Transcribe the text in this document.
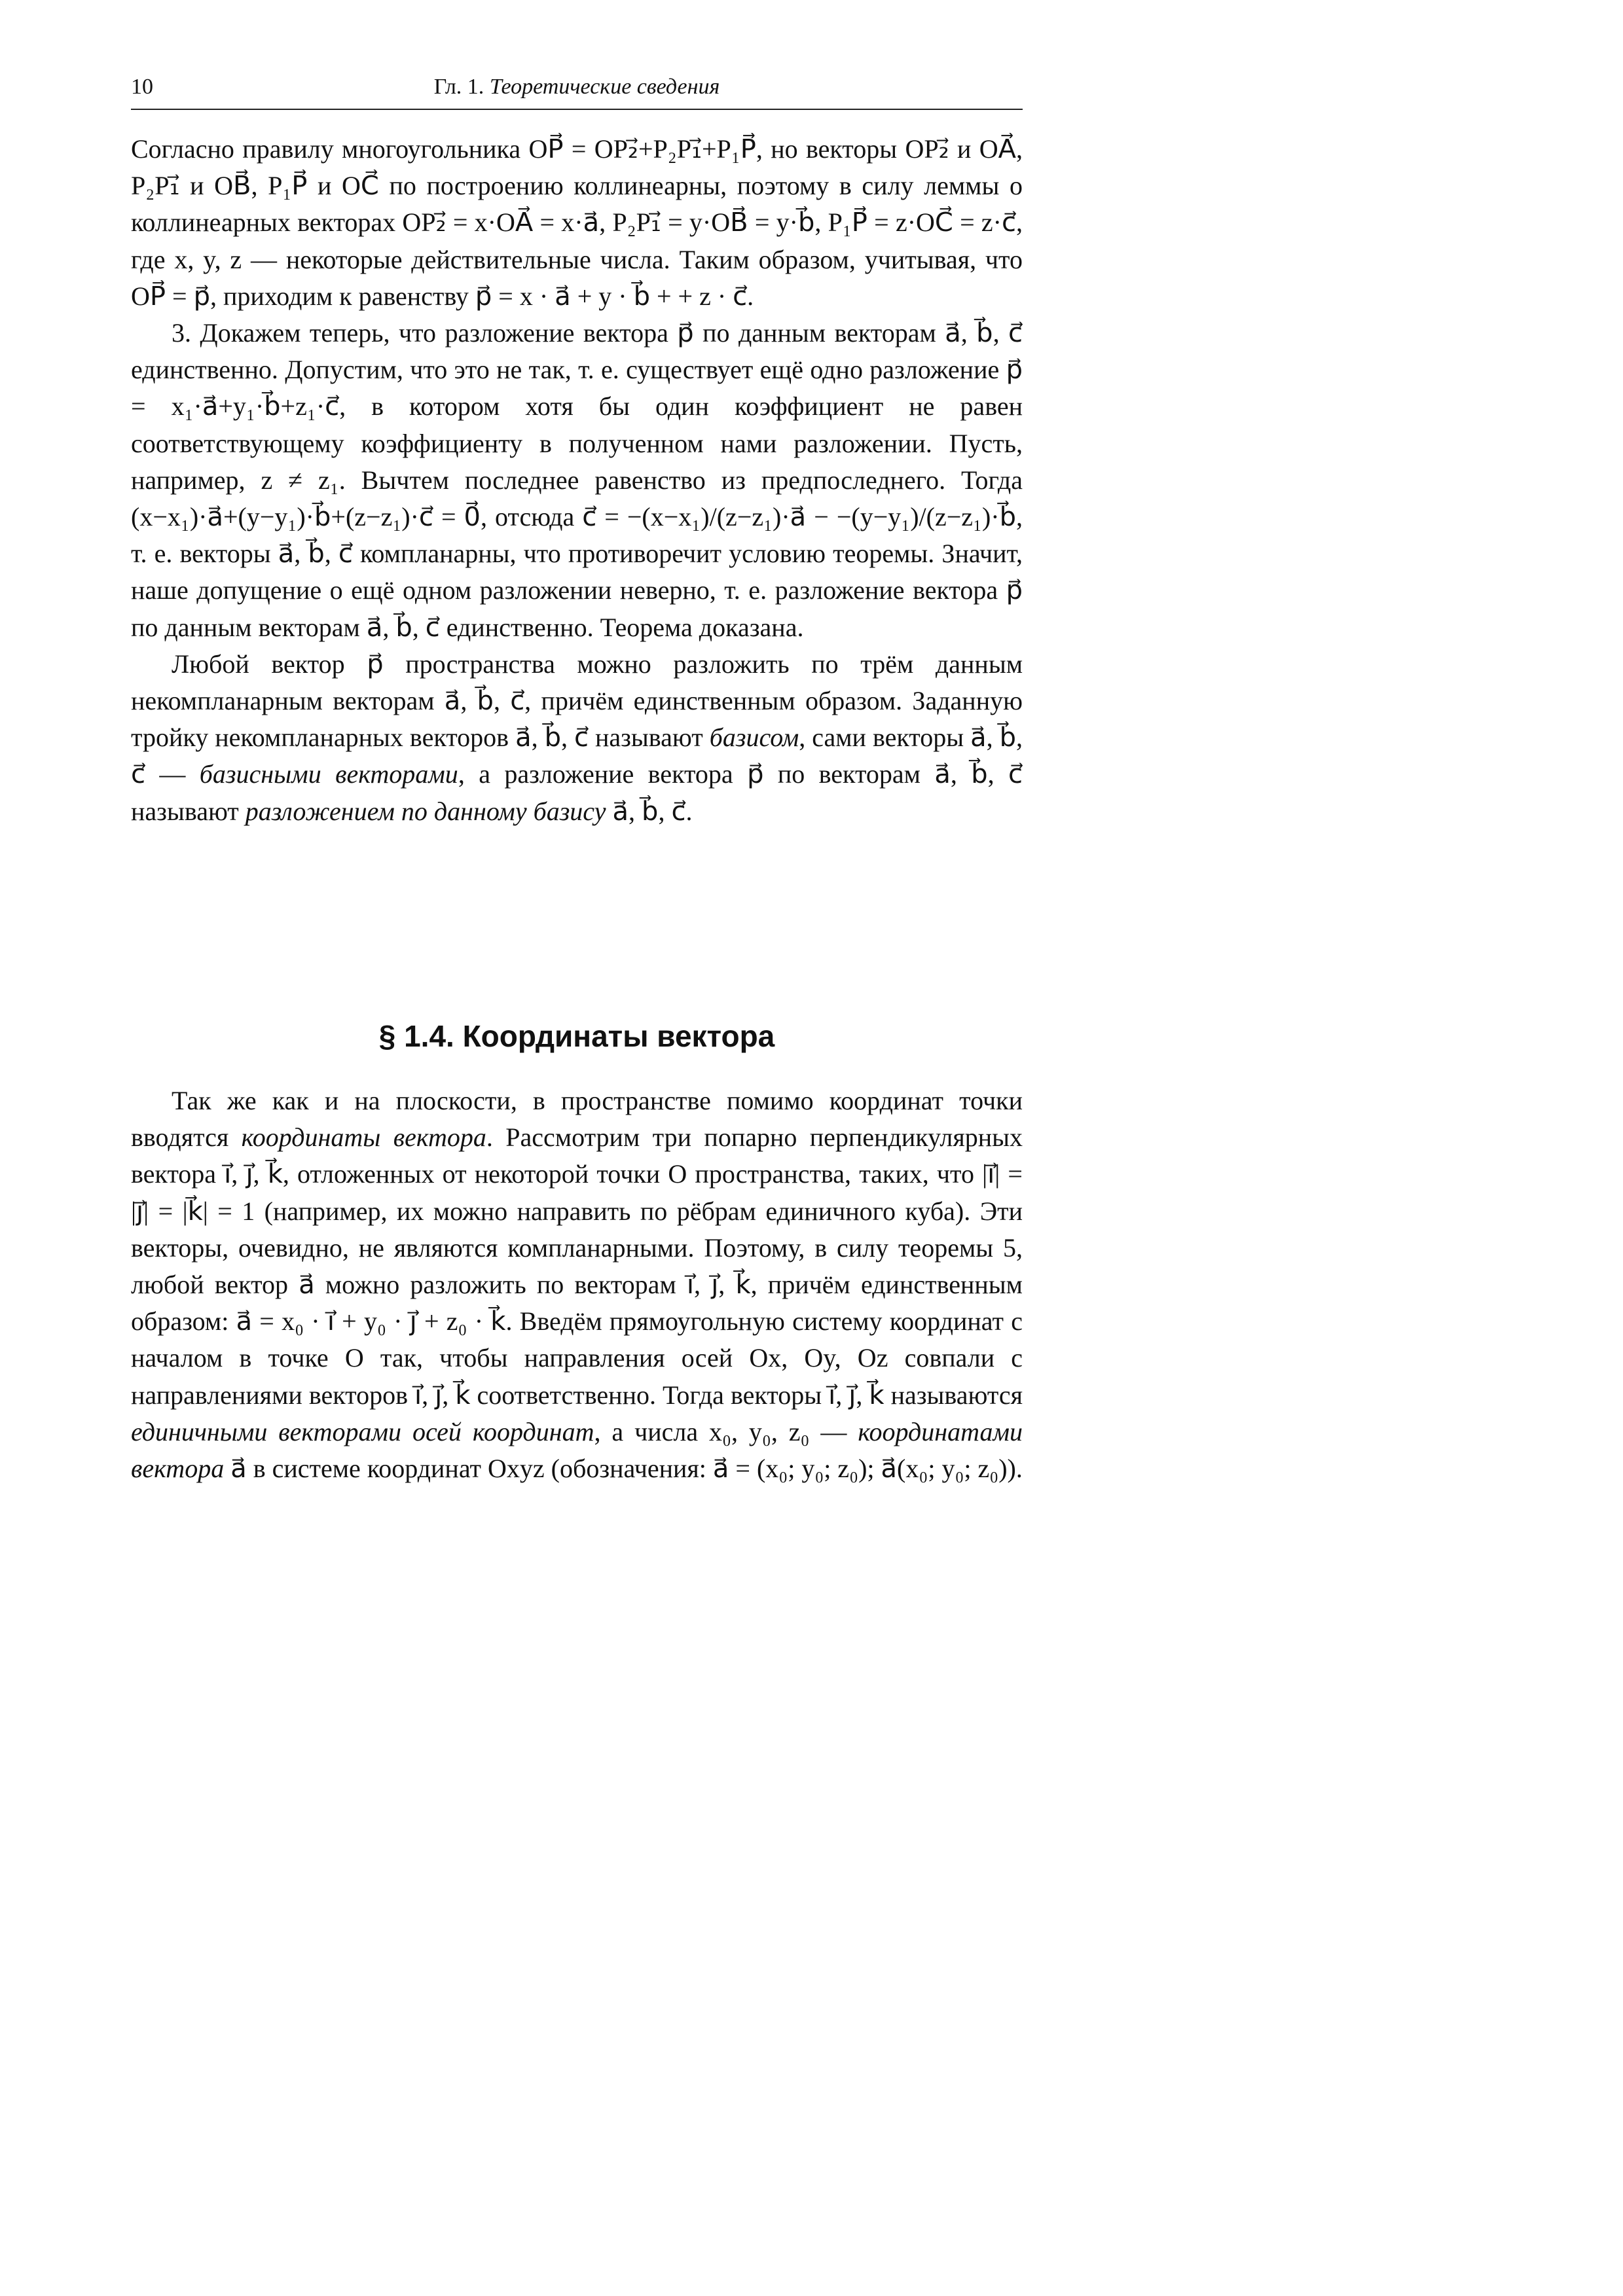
10	Гл. 1. Теоретические сведения

Согласно правилу многоугольника OP⃗ = OP₂⃗+P₂P₁⃗+P₁P⃗, но векторы OP₂⃗ и OA⃗, P₂P₁⃗ и OB⃗, P₁P⃗ и OC⃗ по построению коллинеарны, поэтому в силу леммы о коллинеарных векторах OP₂⃗ = x·OA⃗ = x·a⃗, P₂P₁⃗ = y·OB⃗ = y·b⃗, P₁P⃗ = z·OC⃗ = z·c⃗, где x, y, z — некоторые действительные числа. Таким образом, учитывая, что OP⃗ = p⃗, приходим к равенству p⃗ = x · a⃗ + y · b⃗ + + z · c⃗.

3. Докажем теперь, что разложение вектора p⃗ по данным векторам a⃗, b⃗, c⃗ единственно. Допустим, что это не так, т. е. существует ещё одно разложение p⃗ = x₁·a⃗+y₁·b⃗+z₁·c⃗, в котором хотя бы один коэффициент не равен соответствующему коэффициенту в полученном нами разложении. Пусть, например, z ≠ z₁. Вычтем последнее равенство из предпоследнего. Тогда (x−x₁)·a⃗+(y−y₁)·b⃗+(z−z₁)·c⃗ = 0⃗, отсюда c⃗ = −(x−x₁)/(z−z₁)·a⃗ − −(y−y₁)/(z−z₁)·b⃗, т. е. векторы a⃗, b⃗, c⃗ компланарны, что противоречит условию теоремы. Значит, наше допущение о ещё одном разложении неверно, т. е. разложение вектора p⃗ по данным векторам a⃗, b⃗, c⃗ единственно. Теорема доказана.

Любой вектор p⃗ пространства можно разложить по трём данным некомпланарным векторам a⃗, b⃗, c⃗, причём единственным образом. Заданную тройку некомпланарных векторов a⃗, b⃗, c⃗ называют базисом, сами векторы a⃗, b⃗, c⃗ — базисными векторами, а разложение вектора p⃗ по векторам a⃗, b⃗, c⃗ называют разложением по данному базису a⃗, b⃗, c⃗.

§ 1.4. Координаты вектора

Так же как и на плоскости, в пространстве помимо координат точки вводятся координаты вектора. Рассмотрим три попарно перпендикулярных вектора i⃗, j⃗, k⃗, отложенных от некоторой точки O пространства, таких, что |i⃗| = |j⃗| = |k⃗| = 1 (например, их можно направить по рёбрам единичного куба). Эти векторы, очевидно, не являются компланарными. Поэтому, в силу теоремы 5, любой вектор a⃗ можно разложить по векторам i⃗, j⃗, k⃗, причём единственным образом: a⃗ = x₀ · i⃗ + y₀ · j⃗ + z₀ · k⃗. Введём прямоугольную систему координат с началом в точке O так, чтобы направления осей Ox, Oy, Oz совпали с направлениями векторов i⃗, j⃗, k⃗ соответственно. Тогда векторы i⃗, j⃗, k⃗ называются единичными векторами осей координат, а числа x₀, y₀, z₀ — координатами вектора a⃗ в системе координат Oxyz (обозначения: a⃗ = (x₀; y₀; z₀); a⃗(x₀; y₀; z₀)).
